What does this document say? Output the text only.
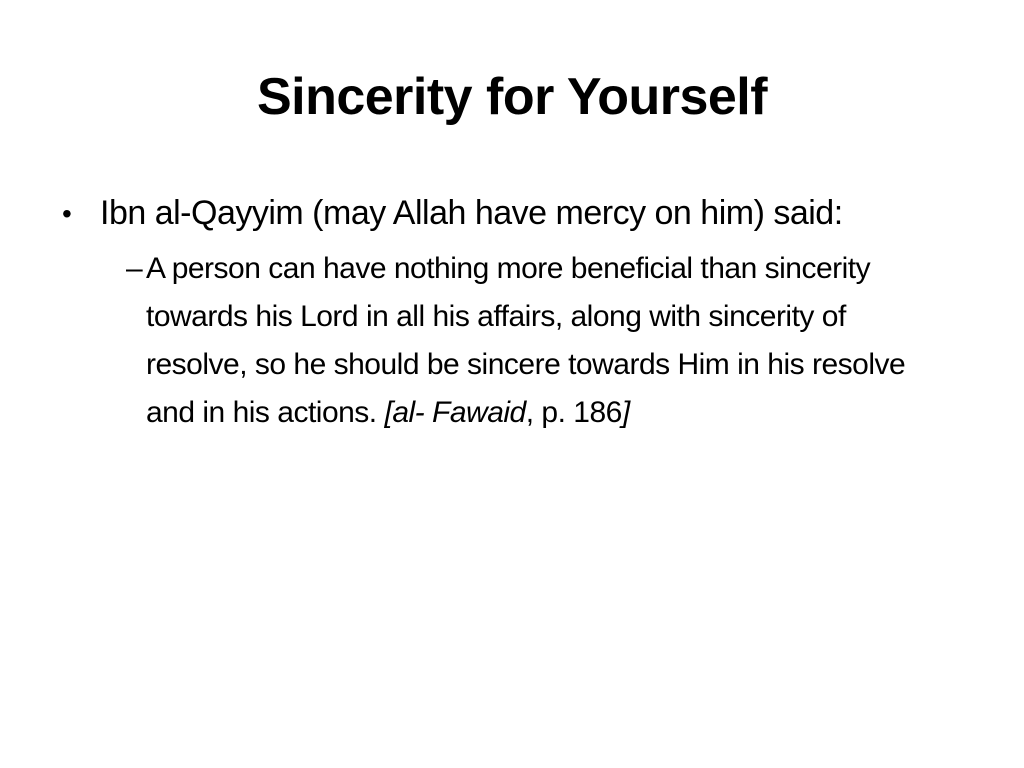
Sincerity for Yourself
• Ibn al-Qayyim (may Allah have mercy on him) said:
– A person can have nothing more beneficial than sincerity towards his Lord in all his affairs, along with sincerity of resolve, so he should be sincere towards Him in his resolve and in his actions. [al- Fawaid, p. 186]
